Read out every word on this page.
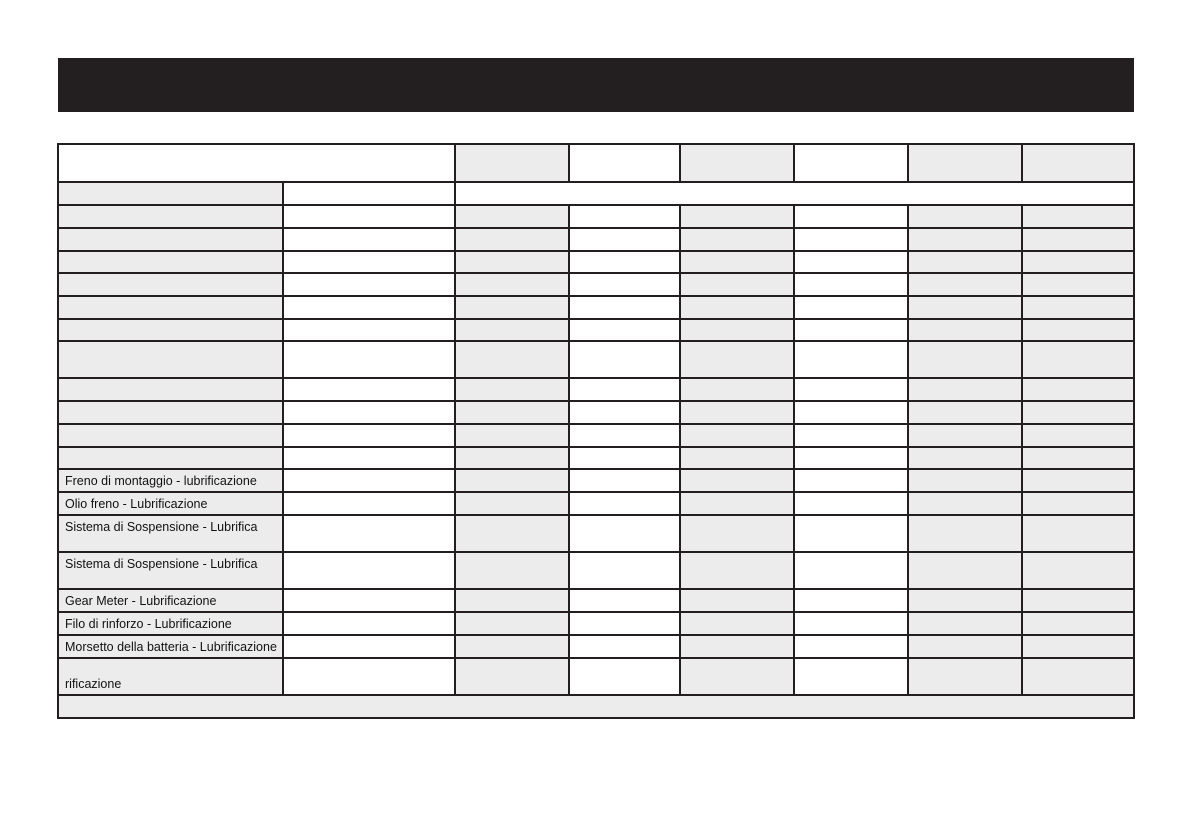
Freno di montaggio - lubrificazione							
Olio freno - Lubrificazione							
Sistema di Sospensione - Lubrifica							
Sistema di Sospensione - Lubrifica							
Gear Meter - Lubrificazione							
Filo di rinforzo - Lubrificazione							
Morsetto della batteria - Lubrificazione							
rificazione							
